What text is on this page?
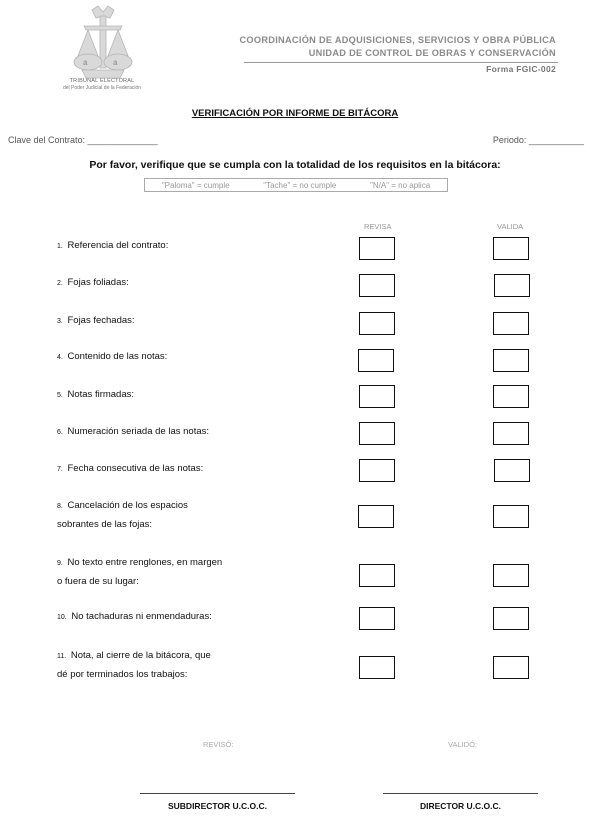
a	a
TRIBUNAL ELECTORAL
del Poder Judicial de la Federación
COORDINACIÓN DE ADQUISICIONES, SERVICIOS Y OBRA PÚBLICA
UNIDAD DE CONTROL DE OBRAS Y CONSERVACIÓN
Forma FGIC-002
VERIFICACIÓN POR INFORME DE BITÁCORA
Clave del Contrato: ______________	Periodo: ___________
Por favor, verifique que se cumpla con la totalidad de los requisitos en la bitácora:
"Paloma" = cumple	"Tache" = no cumple	"N/A" = no aplica
REVISA	VALIDA
1. Referencia del contrato:
2. Fojas foliadas:
3. Fojas fechadas:
4. Contenido de las notas:
5. Notas firmadas:
6. Numeración seriada de las notas:
7. Fecha consecutiva de las notas:
8. Cancelación de los espacios
sobrantes de las fojas:
9. No texto entre renglones, en margen
o fuera de su lugar:
10. No tachaduras ni enmendaduras:
11. Nota, al cierre de la bitácora, que
dé por terminados los trabajos:
REVISÓ:	VALIDÓ:
SUBDIRECTOR U.C.O.C.	DIRECTOR U.C.O.C.
